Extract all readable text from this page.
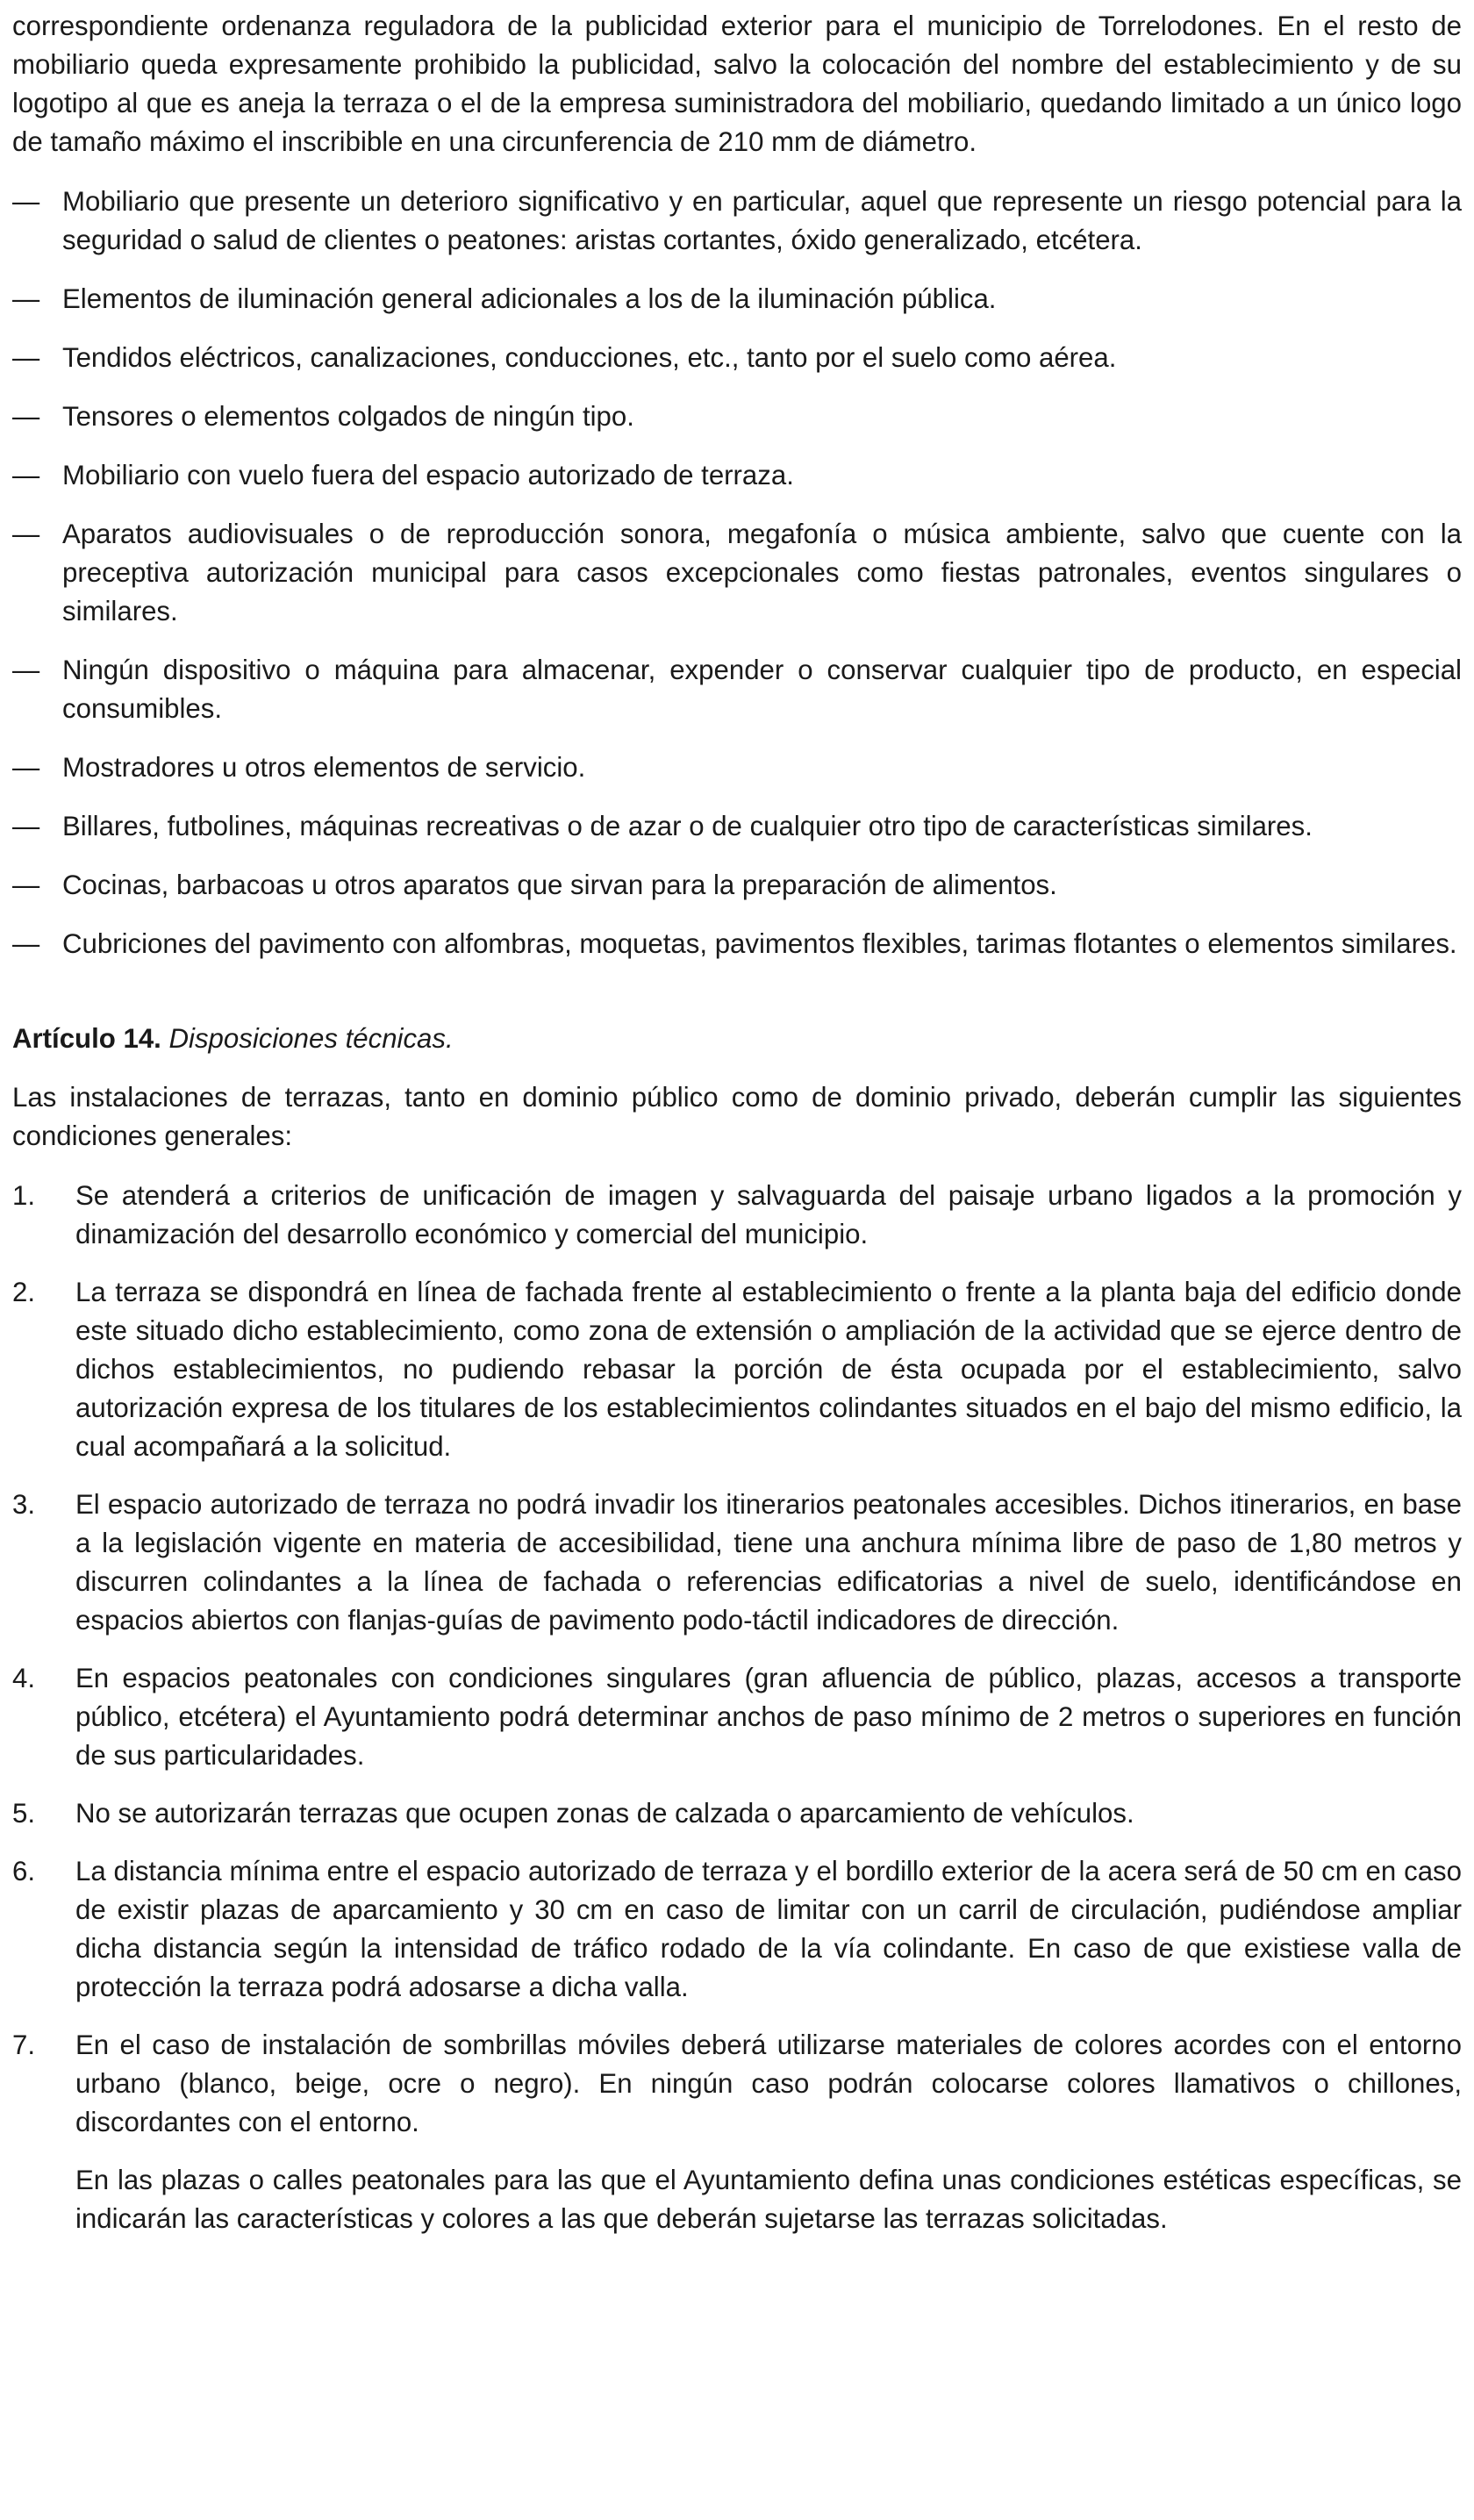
correspondiente ordenanza reguladora de la publicidad exterior para el municipio de Torrelodones. En el resto de mobiliario queda expresamente prohibido la publicidad, salvo la colocación del nombre del establecimiento y de su logotipo al que es aneja la terraza o el de la empresa suministradora del mobiliario, quedando limitado a un único logo de tamaño máximo el inscribible en una circunferencia de 210 mm de diámetro.

— Mobiliario que presente un deterioro significativo y en particular, aquel que represente un riesgo potencial para la seguridad o salud de clientes o peatones: aristas cortantes, óxido generalizado, etcétera.
— Elementos de iluminación general adicionales a los de la iluminación pública.
— Tendidos eléctricos, canalizaciones, conducciones, etc., tanto por el suelo como aérea.
— Tensores o elementos colgados de ningún tipo.
— Mobiliario con vuelo fuera del espacio autorizado de terraza.
— Aparatos audiovisuales o de reproducción sonora, megafonía o música ambiente, salvo que cuente con la preceptiva autorización municipal para casos excepcionales como fiestas patronales, eventos singulares o similares.
— Ningún dispositivo o máquina para almacenar, expender o conservar cualquier tipo de producto, en especial consumibles.
— Mostradores u otros elementos de servicio.
— Billares, futbolines, máquinas recreativas o de azar o de cualquier otro tipo de características similares.
— Cocinas, barbacoas u otros aparatos que sirvan para la preparación de alimentos.
— Cubriciones del pavimento con alfombras, moquetas, pavimentos flexibles, tarimas flotantes o elementos similares.

Artículo 14. Disposiciones técnicas.

Las instalaciones de terrazas, tanto en dominio público como de dominio privado, deberán cumplir las siguientes condiciones generales:

1. Se atenderá a criterios de unificación de imagen y salvaguarda del paisaje urbano ligados a la promoción y dinamización del desarrollo económico y comercial del municipio.
2. La terraza se dispondrá en línea de fachada frente al establecimiento o frente a la planta baja del edificio donde este situado dicho establecimiento, como zona de extensión o ampliación de la actividad que se ejerce dentro de dichos establecimientos, no pudiendo rebasar la porción de ésta ocupada por el establecimiento, salvo autorización expresa de los titulares de los establecimientos colindantes situados en el bajo del mismo edificio, la cual acompañará a la solicitud.
3. El espacio autorizado de terraza no podrá invadir los itinerarios peatonales accesibles. Dichos itinerarios, en base a la legislación vigente en materia de accesibilidad, tiene una anchura mínima libre de paso de 1,80 metros y discurren colindantes a la línea de fachada o referencias edificatorias a nivel de suelo, identificándose en espacios abiertos con flanjas-guías de pavimento podo-táctil indicadores de dirección.
4. En espacios peatonales con condiciones singulares (gran afluencia de público, plazas, accesos a transporte público, etcétera) el Ayuntamiento podrá determinar anchos de paso mínimo de 2 metros o superiores en función de sus particularidades.
5. No se autorizarán terrazas que ocupen zonas de calzada o aparcamiento de vehículos.
6. La distancia mínima entre el espacio autorizado de terraza y el bordillo exterior de la acera será de 50 cm en caso de existir plazas de aparcamiento y 30 cm en caso de limitar con un carril de circulación, pudiéndose ampliar dicha distancia según la intensidad de tráfico rodado de la vía colindante. En caso de que existiese valla de protección la terraza podrá adosarse a dicha valla.
7. En el caso de instalación de sombrillas móviles deberá utilizarse materiales de colores acordes con el entorno urbano (blanco, beige, ocre o negro). En ningún caso podrán colocarse colores llamativos o chillones, discordantes con el entorno.

En las plazas o calles peatonales para las que el Ayuntamiento defina unas condiciones estéticas específicas, se indicarán las características y colores a las que deberán sujetarse las terrazas solicitadas.
